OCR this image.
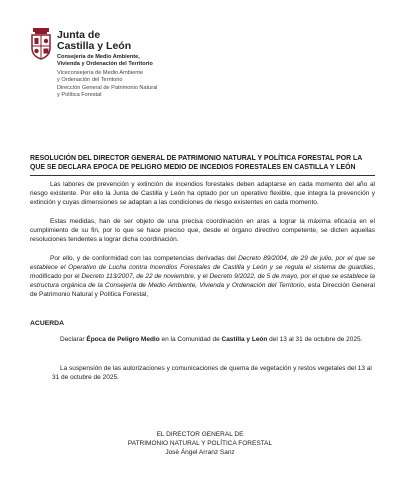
Junta de
Castilla y León
Consejería de Medio Ambiente,
Vivienda y Ordenación del Territorio
Viceconsejería de Medio Ambiente
y Ordenación del Territorio
Dirección General de Patrimonio Natural
y Política Forestal
RESOLUCIÓN DEL DIRECTOR GENERAL DE PATRIMONIO NATURAL Y POLÍTICA FORESTAL POR LA QUE SE DECLARA EPOCA DE PELIGRO MEDIO DE INCEDIOS FORESTALES EN CASTILLA Y LEÓN
Las labores de prevención y extinción de incendios forestales deben adaptarse en cada momento del año al riesgo existente. Por ello la Junta de Castilla y León ha optado por un operativo flexible, que integra la prevención y extinción y cuyas dimensiones se adaptan a las condiciones de riesgo existentes en cada momento.
Estas medidas, han de ser objeto de una precisa coordinación en aras a lograr la máxima eficacia en el cumplimiento de su fin, por lo que se hace preciso que, desde el órgano directivo competente, se dicten aquellas resoluciones tendentes a lograr dicha coordinación.
Por ello, y de conformidad con las competencias derivadas del Decreto 89/2004, de 29 de julio, por el que se establece el Operativo de Lucha contra Incendios Forestales de Castilla y León y se regula el sistema de guardias, modificado por el Decreto 113/2007, de 22 de noviembre, y el Decreto 9/2022, de 5 de mayo, por el que se establece la estructura orgánica de la Consejería de Medio Ambiente, Vivienda y Ordenación del Territorio, esta Dirección General de Patrimonio Natural y Política Forestal,
ACUERDA
Declarar Época de Peligro Medio en la Comunidad de Castilla y León del 13 al 31 de octubre de 2025.
La suspensión de las autorizaciones y comunicaciones de quema de vegetación y restos vegetales del 13 al 31 de octubre de 2025.
EL DIRECTOR GENERAL DE
PATRIMONIO NATURAL Y POLÍTICA FORESTAL
José Ángel Arranz Sanz
